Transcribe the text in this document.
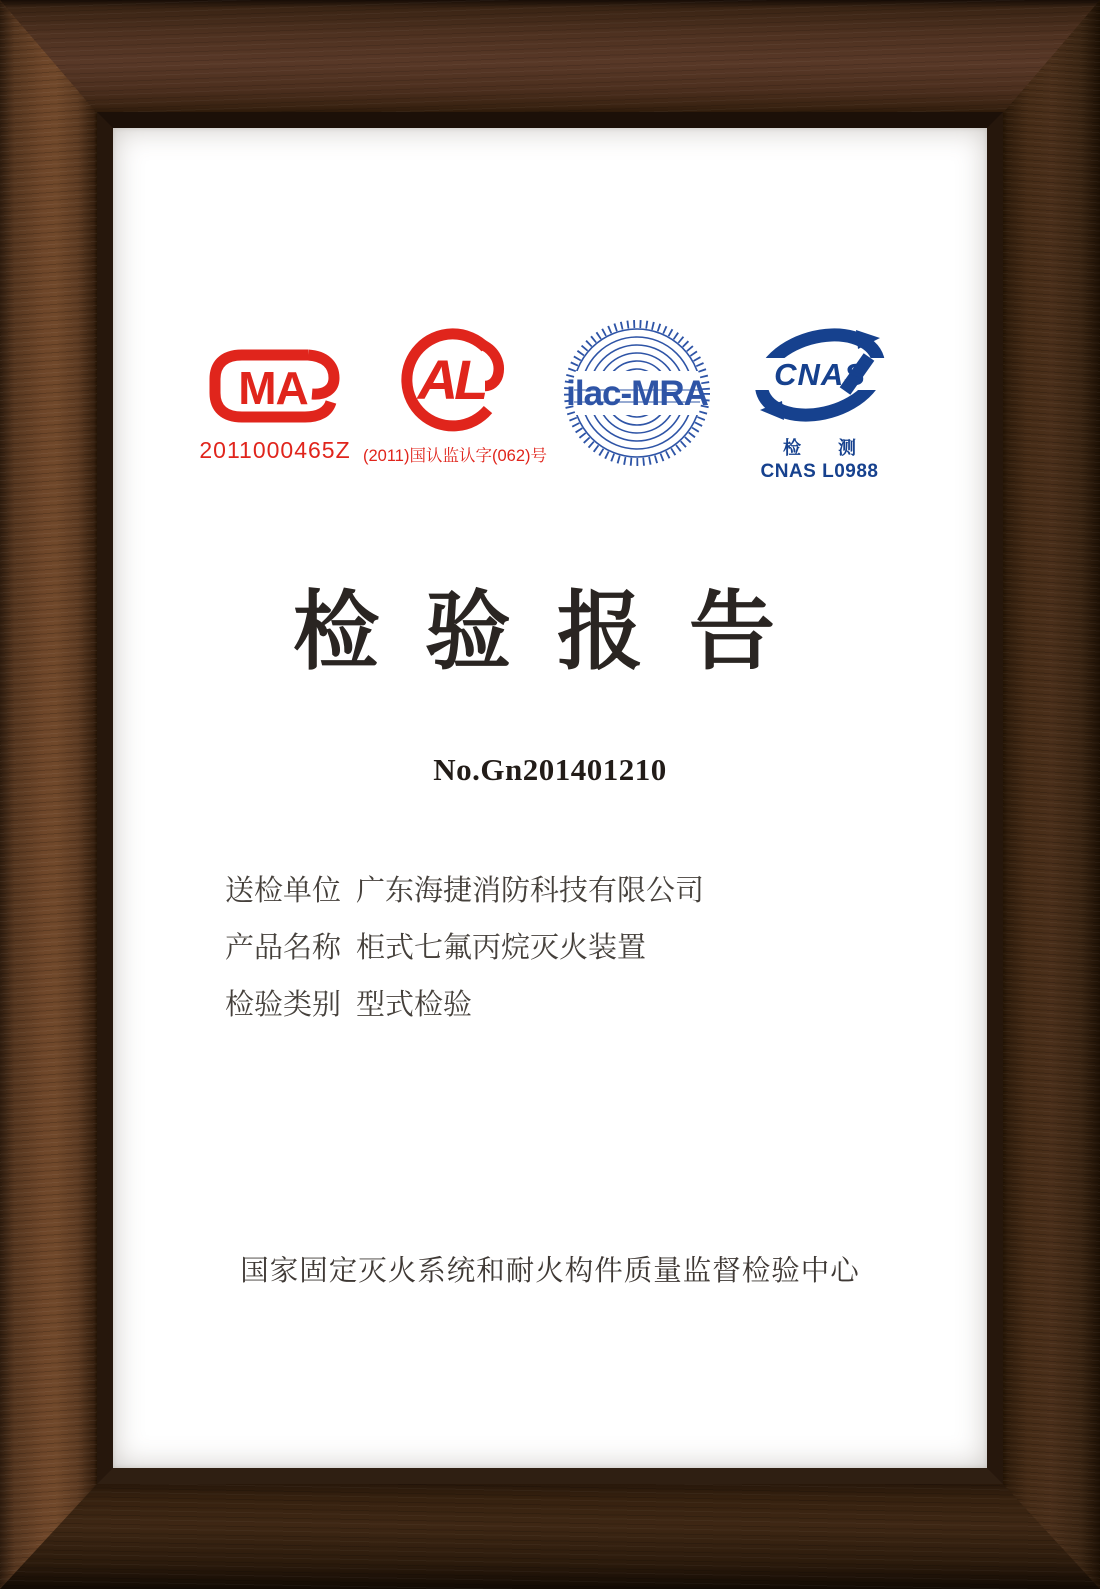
MA
2011000465Z
AL
(2011)国认监认字(062)号
ilac-MRA CNAS
检 测
CNAS L0988
检验报告
No.Gn201401210
送检单位 广东海捷消防科技有限公司
产品名称 柜式七氟丙烷灭火装置
检验类别 型式检验
国家固定灭火系统和耐火构件质量监督检验中心
